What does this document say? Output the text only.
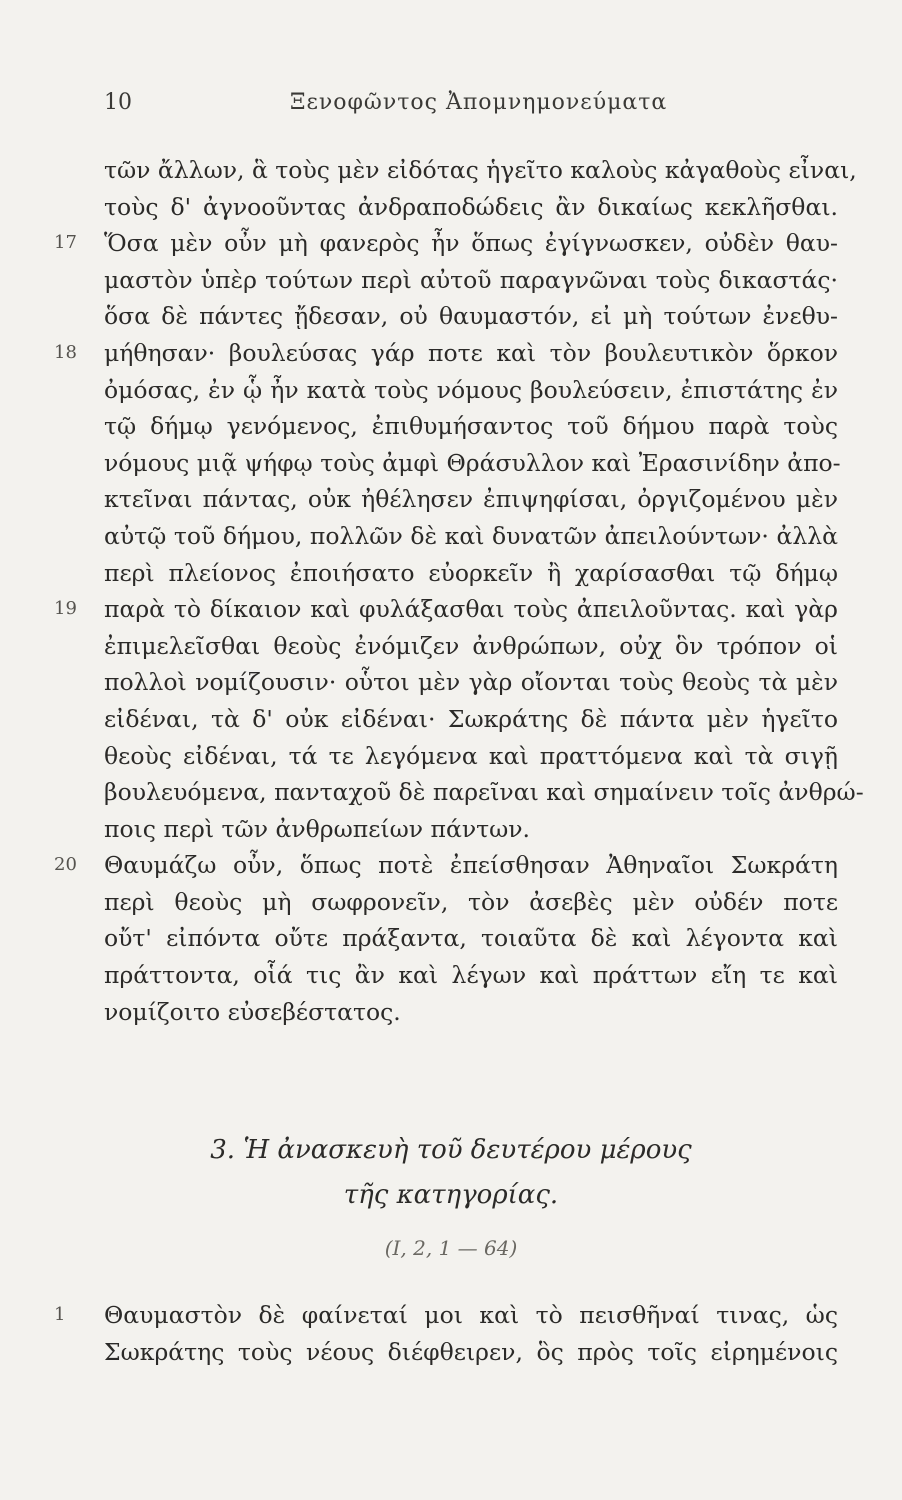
10	Ξενοφῶντος Ἀπομνημονεύματα
τῶν ἄλλων, ἃ τοὺς μὲν εἰδότας ἡγεῖτο καλοὺς κἀγαθοὺς εἶναι,
τοὺς δ' ἀγνοοῦντας ἀνδραποδώδεις ἂν δικαίως κεκλῆσθαι.
17 Ὅσα μὲν οὖν μὴ φανερὸς ἦν ὅπως ἐγίγνωσκεν, οὐδὲν θαυ-
μαστὸν ὑπὲρ τούτων περὶ αὐτοῦ παραγνῶναι τοὺς δικαστάς·
ὅσα δὲ πάντες ᾔδεσαν, οὐ θαυμαστόν, εἰ μὴ τούτων ἐνεθυ-
18 μήθησαν· βουλεύσας γάρ ποτε καὶ τὸν βουλευτικὸν ὅρκον
ὀμόσας, ἐν ᾧ ἦν κατὰ τοὺς νόμους βουλεύσειν, ἐπιστάτης ἐν
τῷ δήμῳ γενόμενος, ἐπιθυμήσαντος τοῦ δήμου παρὰ τοὺς
νόμους μιᾷ ψήφῳ τοὺς ἀμφὶ Θράσυλλον καὶ Ἐρασινίδην ἀπο-
κτεῖναι πάντας, οὐκ ἠθέλησεν ἐπιψηφίσαι, ὀργιζομένου μὲν
αὐτῷ τοῦ δήμου, πολλῶν δὲ καὶ δυνατῶν ἀπειλούντων· ἀλλὰ
περὶ πλείονος ἐποιήσατο εὐορκεῖν ἢ χαρίσασθαι τῷ δήμῳ
19 παρὰ τὸ δίκαιον καὶ φυλάξασθαι τοὺς ἀπειλοῦντας. καὶ γὰρ
ἐπιμελεῖσθαι θεοὺς ἐνόμιζεν ἀνθρώπων, οὐχ ὃν τρόπον οἱ
πολλοὶ νομίζουσιν· οὗτοι μὲν γὰρ οἴονται τοὺς θεοὺς τὰ μὲν
εἰδέναι, τὰ δ' οὐκ εἰδέναι· Σωκράτης δὲ πάντα μὲν ἡγεῖτο
θεοὺς εἰδέναι, τά τε λεγόμενα καὶ πραττόμενα καὶ τὰ σιγῇ
βουλευόμενα, πανταχοῦ δὲ παρεῖναι καὶ σημαίνειν τοῖς ἀνθρώ-
ποις περὶ τῶν ἀνθρωπείων πάντων.
20 Θαυμάζω οὖν, ὅπως ποτὲ ἐπείσθησαν Ἀθηναῖοι Σωκράτη
περὶ θεοὺς μὴ σωφρονεῖν, τὸν ἀσεβὲς μὲν οὐδέν ποτε
οὔτ' εἰπόντα οὔτε πράξαντα, τοιαῦτα δὲ καὶ λέγοντα καὶ
πράττοντα, οἷά τις ἂν καὶ λέγων καὶ πράττων εἴη τε καὶ
νομίζοιτο εὐσεβέστατος.
3. Ἡ ἀνασκευὴ τοῦ δευτέρου μέρους
τῆς κατηγορίας.
(I, 2, 1 — 64)
1 Θαυμαστὸν δὲ φαίνεταί μοι καὶ τὸ πεισθῆναί τινας, ὡς
Σωκράτης τοὺς νέους διέφθειρεν, ὃς πρὸς τοῖς εἰρημένοις
